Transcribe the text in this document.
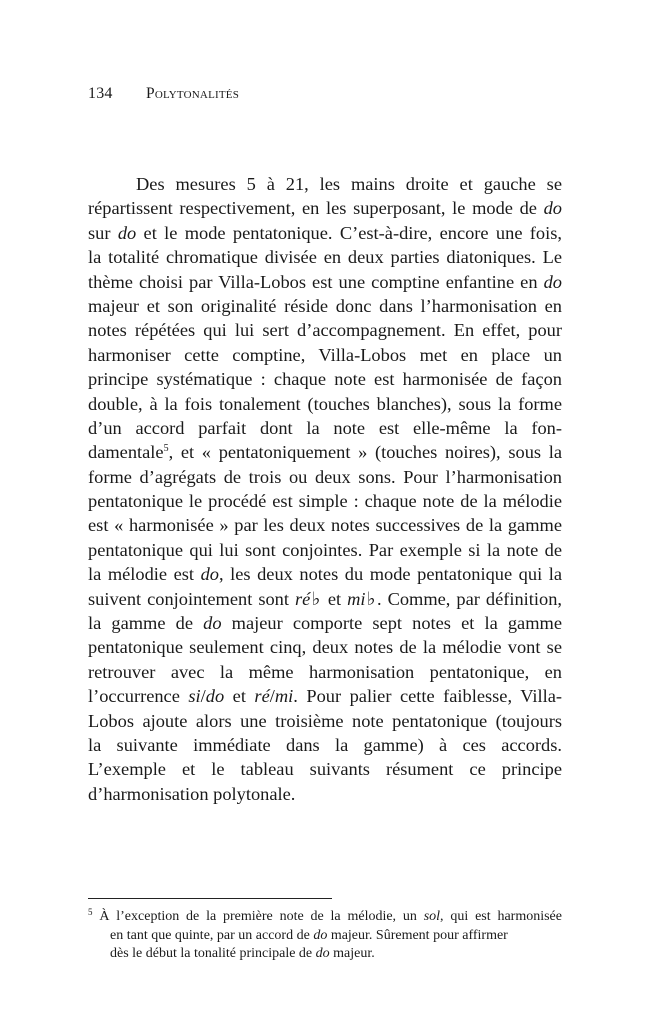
134 Polytonalités
Des mesures 5 à 21, les mains droite et gauche se
répartissent respectivement, en les superposant, le mode de do
sur do et le mode pentatonique. C’est-à-dire, encore une fois,
la totalité chromatique divisée en deux parties diatoniques. Le
thème choisi par Villa-Lobos est une comptine enfantine en do
majeur et son originalité réside donc dans l’harmonisation en
notes répétées qui lui sert d’accompagnement. En effet, pour
harmoniser cette comptine, Villa-Lobos met en place un
principe systématique : chaque note est harmonisée de façon
double, à la fois tonalement (touches blanches), sous la forme
d’un accord parfait dont la note est elle-même la fon-
damentale$^5$, et « pentatoniquement » (touches noires), sous la
forme d’agrégats de trois ou deux sons. Pour l’harmonisation
pentatonique le procédé est simple : chaque note de la mélodie
est « harmonisée » par les deux notes successives de la gamme
pentatonique qui lui sont conjointes. Par exemple si la note de
la mélodie est do, les deux notes du mode pentatonique qui la
suivent conjointement sont ré♭ et mi♭. Comme, par définition,
la gamme de do majeur comporte sept notes et la gamme
pentatonique seulement cinq, deux notes de la mélodie vont se
retrouver avec la même harmonisation pentatonique, en
l’occurrence si/do et ré/mi. Pour palier cette faiblesse, Villa-
Lobos ajoute alors une troisième note pentatonique (toujours
la suivante immédiate dans la gamme) à ces accords.
L’exemple et le tableau suivants résument ce principe
d’harmonisation polytonale.
$^5$ À l’exception de la première note de la mélodie, un sol, qui est harmonisée
en tant que quinte, par un accord de do majeur. Sûrement pour affirmer
dès le début la tonalité principale de do majeur.
